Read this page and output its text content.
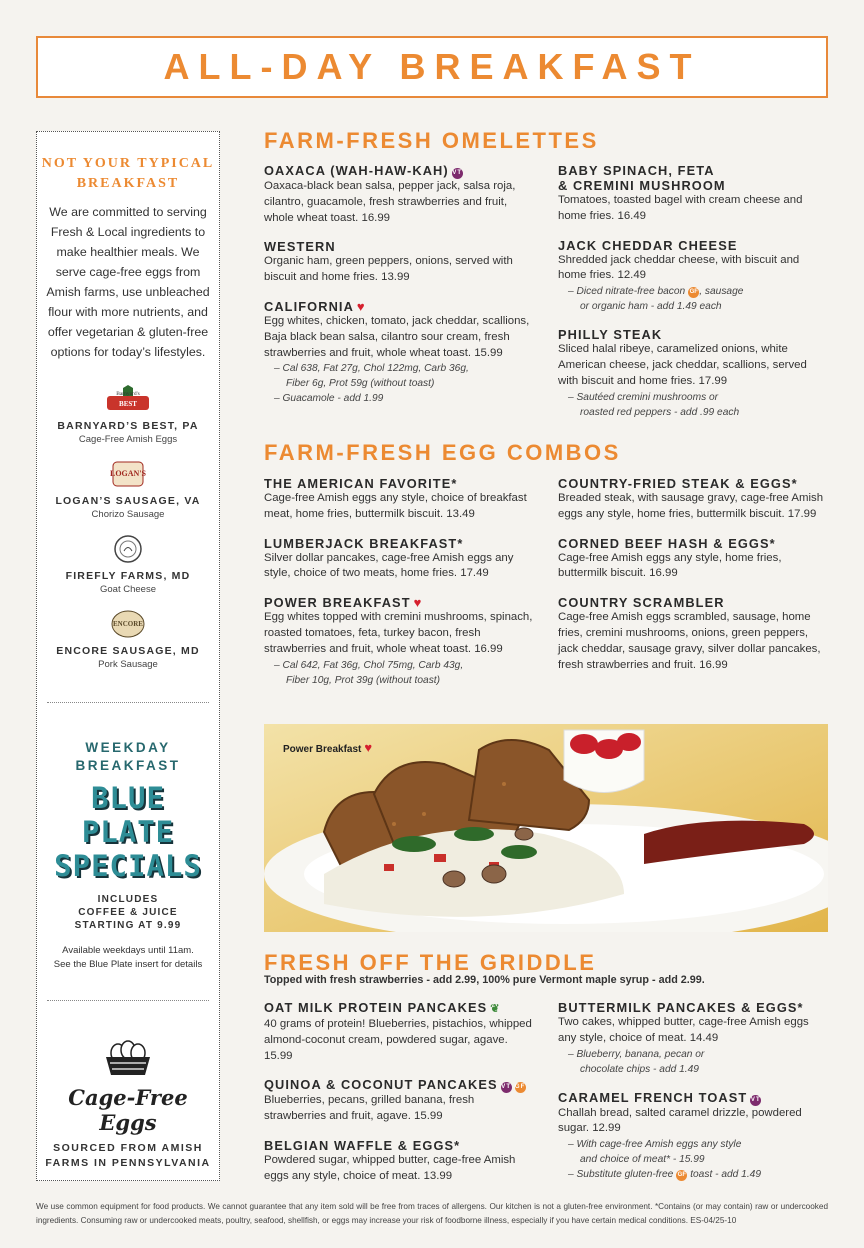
ALL-DAY BREAKFAST
NOT YOUR TYPICAL BREAKFAST
We are committed to serving Fresh & Local ingredients to make healthier meals. We serve cage-free eggs from Amish farms, use unbleached flour with more nutrients, and offer vegetarian & gluten-free options for today’s lifestyles.
BEST
Barnyard's
BARNYARD’S BEST, PA
Cage-Free Amish Eggs
LOGAN'S
LOGAN’S SAUSAGE, VA
Chorizo Sausage
FIREFLY FARMS, MD
Goat Cheese
ENCORE
ENCORE SAUSAGE, MD
Pork Sausage
WEEKDAY BREAKFAST
BLUE PLATE
SPECIALS
INCLUDES
COFFEE & JUICE
STARTING AT 9.99
Available weekdays until 11am.
See the Blue Plate insert for details
Cage-Free Eggs
SOURCED FROM AMISH
FARMS IN PENNSYLVANIA
FARM-FRESH OMELETTES
OAXACA (WAH-HAW-KAH) VT
Oaxaca-black bean salsa, pepper jack, salsa roja, cilantro, guacamole, fresh strawberries and fruit, whole wheat toast. 16.99
WESTERN
Organic ham, green peppers, onions, served with biscuit and home fries. 13.99
CALIFORNIA ♥
Egg whites, chicken, tomato, jack cheddar, scallions, Baja black bean salsa, cilantro sour cream, fresh strawberries and fruit, whole wheat toast. 15.99
– Cal 638, Fat 27g, Chol 122mg, Carb 36g,
Fiber 6g, Prot 59g (without toast)
– Guacamole - add 1.99
BABY SPINACH, FETA
& CREMINI MUSHROOM
Tomatoes, toasted bagel with cream cheese and home fries. 16.49
JACK CHEDDAR CHEESE
Shredded jack cheddar cheese, with biscuit and home fries. 12.49
– Diced nitrate-free bacon GF, sausage
or organic ham - add 1.49 each
PHILLY STEAK
Sliced halal ribeye, caramelized onions, white American cheese, jack cheddar, scallions, served with biscuit and home fries. 17.99
– Sautéed cremini mushrooms or
roasted red peppers - add .99 each
FARM-FRESH EGG COMBOS
THE AMERICAN FAVORITE*
Cage-free Amish eggs any style, choice of breakfast meat, home fries, buttermilk biscuit. 13.49
LUMBERJACK BREAKFAST*
Silver dollar pancakes, cage-free Amish eggs any style, choice of two meats, home fries. 17.49
POWER BREAKFAST ♥
Egg whites topped with cremini mushrooms, spinach, roasted tomatoes, feta, turkey bacon, fresh strawberries and fruit, whole wheat toast. 16.99
– Cal 642, Fat 36g, Chol 75mg, Carb 43g,
Fiber 10g, Prot 39g (without toast)
COUNTRY-FRIED STEAK & EGGS*
Breaded steak, with sausage gravy, cage-free Amish eggs any style, home fries, buttermilk biscuit. 17.99
CORNED BEEF HASH & EGGS*
Cage-free Amish eggs any style, home fries, buttermilk biscuit. 16.99
COUNTRY SCRAMBLER
Cage-free Amish eggs scrambled, sausage, home fries, cremini mushrooms, onions, green peppers, jack cheddar, sausage gravy, silver dollar pancakes, fresh strawberries and fruit. 16.99
Power Breakfast ♥
FRESH OFF THE GRIDDLE
Topped with fresh strawberries - add 2.99, 100% pure Vermont maple syrup - add 2.99.
OAT MILK PROTEIN PANCAKES ❦
40 grams of protein! Blueberries, pistachios, whipped almond-coconut cream, powdered sugar, agave. 15.99
QUINOA & COCONUT PANCAKES VT GF
Blueberries, pecans, grilled banana, fresh strawberries and fruit, agave. 15.99
BELGIAN WAFFLE & EGGS*
Powdered sugar, whipped butter, cage-free Amish eggs any style, choice of meat. 13.99
BUTTERMILK PANCAKES & EGGS*
Two cakes, whipped butter, cage-free Amish eggs any style, choice of meat. 14.49
– Blueberry, banana, pecan or
chocolate chips - add 1.49
CARAMEL FRENCH TOAST VT
Challah bread, salted caramel drizzle, powdered sugar. 12.99
– With cage-free Amish eggs any style
and choice of meat* - 15.99
– Substitute gluten-free GF toast - add 1.49
We use common equipment for food products. We cannot guarantee that any item sold will be free from traces of allergens. Our kitchen is not a gluten-free environment. *Contains (or may contain) raw or undercooked ingredients. Consuming raw or undercooked meats, poultry, seafood, shellfish, or eggs may increase your risk of foodborne illness, especially if you have certain medical conditions. ES-04/25-10
